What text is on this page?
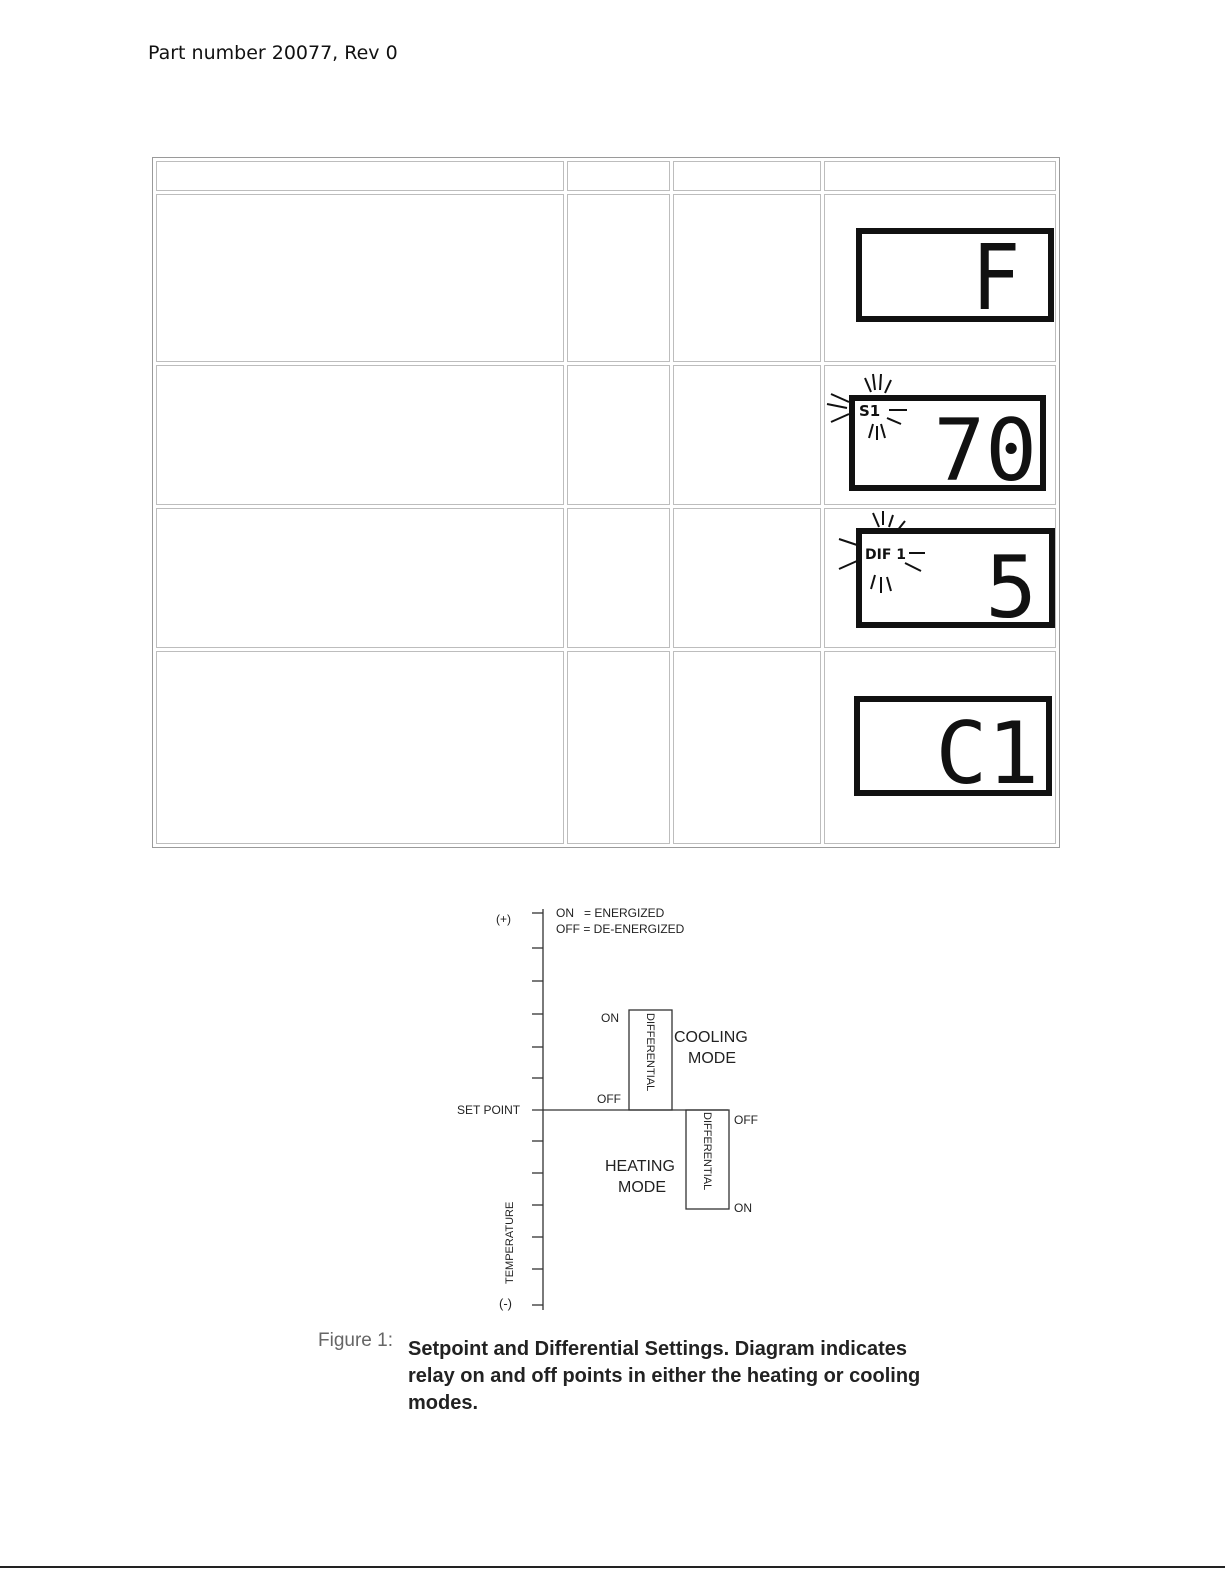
Part number 20077, Rev 0

F

S1 70

DIF 1 5

C1
ON   = ENERGIZED
OFF = DE-ENERGIZED
(+)
(-)
SET POINT
TEMPERATURE
ON
OFF
DIFFERENTIAL COOLING
MODE
OFF
ON
DIFFERENTIAL
HEATING
MODE
Figure 1: Setpoint and Differential Settings. Diagram indicates relay on and off points in either the heating or cooling modes.
